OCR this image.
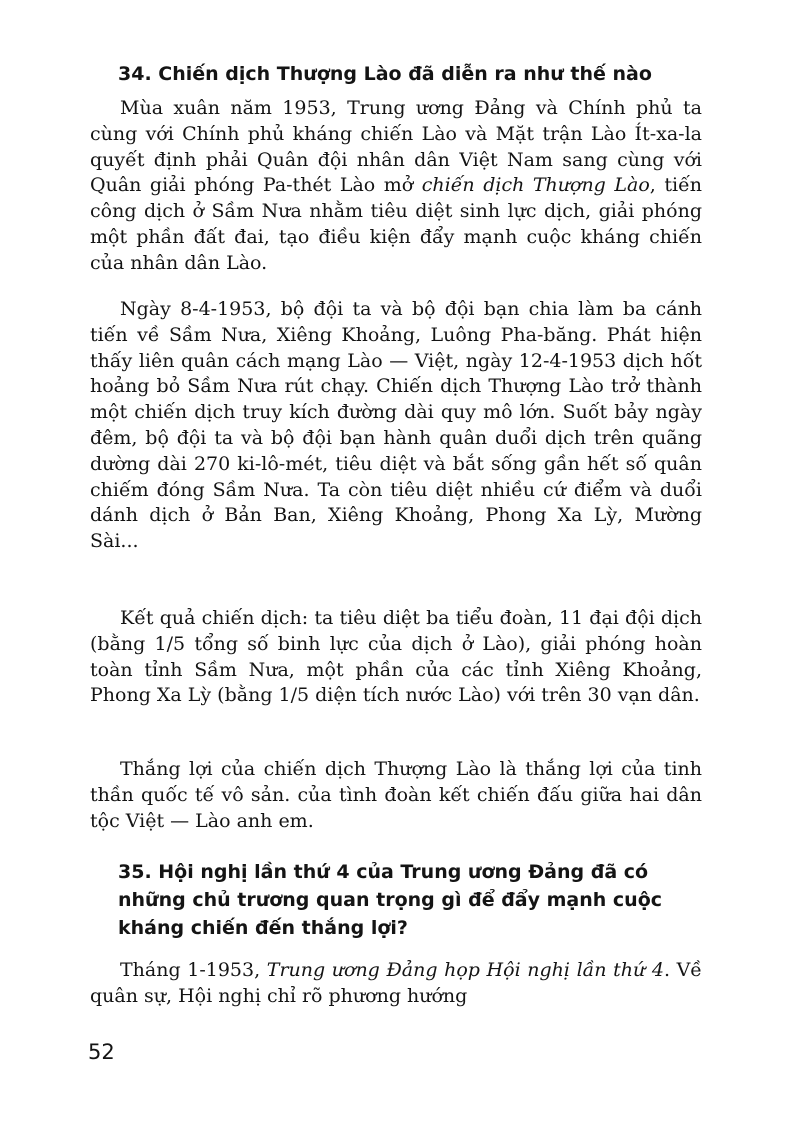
34. Chiến dịch Thượng Lào đã diễn ra như thế nào
Mùa xuân năm 1953, Trung ương Đảng và Chính phủ ta cùng với Chính phủ kháng chiến Lào và Mặt trận Lào Ít-xa-la quyết định phải Quân đội nhân dân Việt Nam sang cùng với Quân giải phóng Pa-thét Lào mở chiến dịch Thượng Lào, tiến công dịch ở Sầm Nưa nhằm tiêu diệt sinh lực dịch, giải phóng một phần đất đai, tạo điều kiện đẩy mạnh cuộc kháng chiến của nhân dân Lào.
Ngày 8-4-1953, bộ đội ta và bộ đội bạn chia làm ba cánh tiến về Sầm Nưa, Xiêng Khoảng, Luông Pha-băng. Phát hiện thấy liên quân cách mạng Lào — Việt, ngày 12-4-1953 dịch hốt hoảng bỏ Sầm Nưa rút chạy. Chiến dịch Thượng Lào trở thành một chiến dịch truy kích đường dài quy mô lớn. Suốt bảy ngày đêm, bộ đội ta và bộ đội bạn hành quân duổi dịch trên quãng dường dài 270 ki-lô-mét, tiêu diệt và bắt sống gần hết số quân chiếm đóng Sầm Nưa. Ta còn tiêu diệt nhiều cứ điểm và duổi dánh dịch ở Bản Ban, Xiêng Khoảng, Phong Xa Lỳ, Mường Sài...
Kết quả chiến dịch: ta tiêu diệt ba tiểu đoàn, 11 đại đội dịch (bằng 1/5 tổng số binh lực của dịch ở Lào), giải phóng hoàn toàn tỉnh Sầm Nưa, một phần của các tỉnh Xiêng Khoảng, Phong Xa Lỳ (bằng 1/5 diện tích nước Lào) với trên 30 vạn dân.
Thắng lợi của chiến dịch Thượng Lào là thắng lợi của tinh thần quốc tế vô sản. của tình đoàn kết chiến đấu giữa hai dân tộc Việt — Lào anh em.
35. Hội nghị lần thứ 4 của Trung ương Đảng đã có những chủ trương quan trọng gì để đẩy mạnh cuộc kháng chiến đến thắng lợi?
Tháng 1-1953, Trung ương Đảng họp Hội nghị lần thứ 4. Về quân sự, Hội nghị chỉ rõ phương hướng
52
